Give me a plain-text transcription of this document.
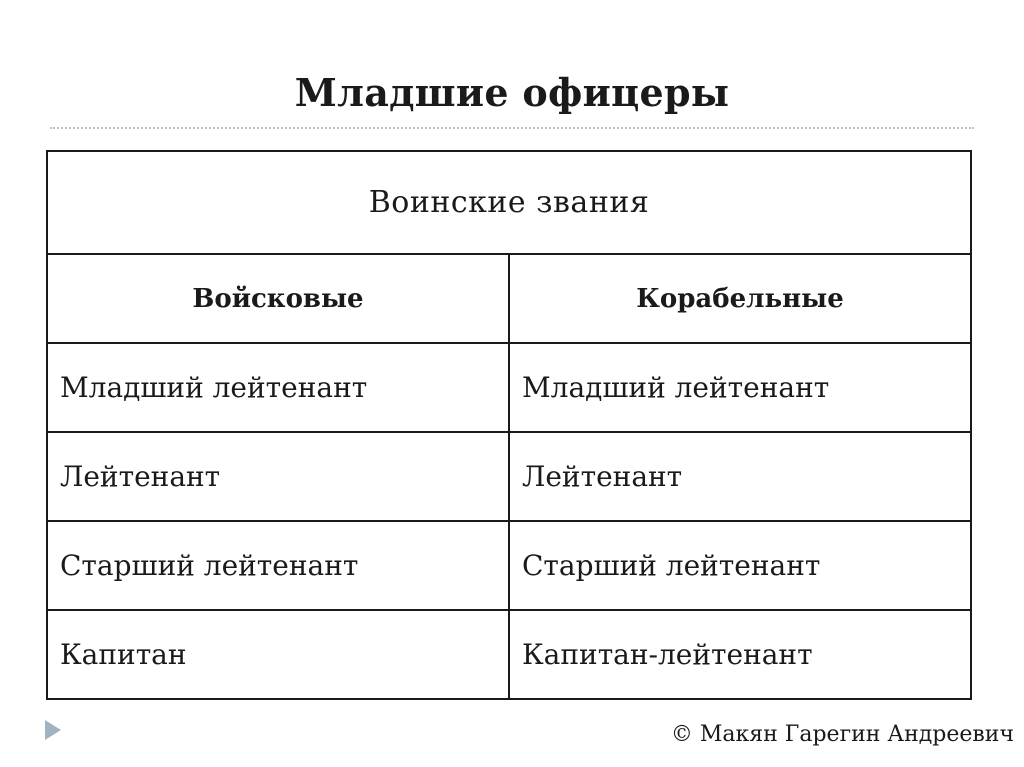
Младшие офицеры
Воинские звания	
Войсковые	Корабельные
Младший лейтенант	Младший лейтенант
Лейтенант	Лейтенант
Старший лейтенант	Старший лейтенант
Капитан	Капитан-лейтенант
© Макян Гарегин Андреевич
